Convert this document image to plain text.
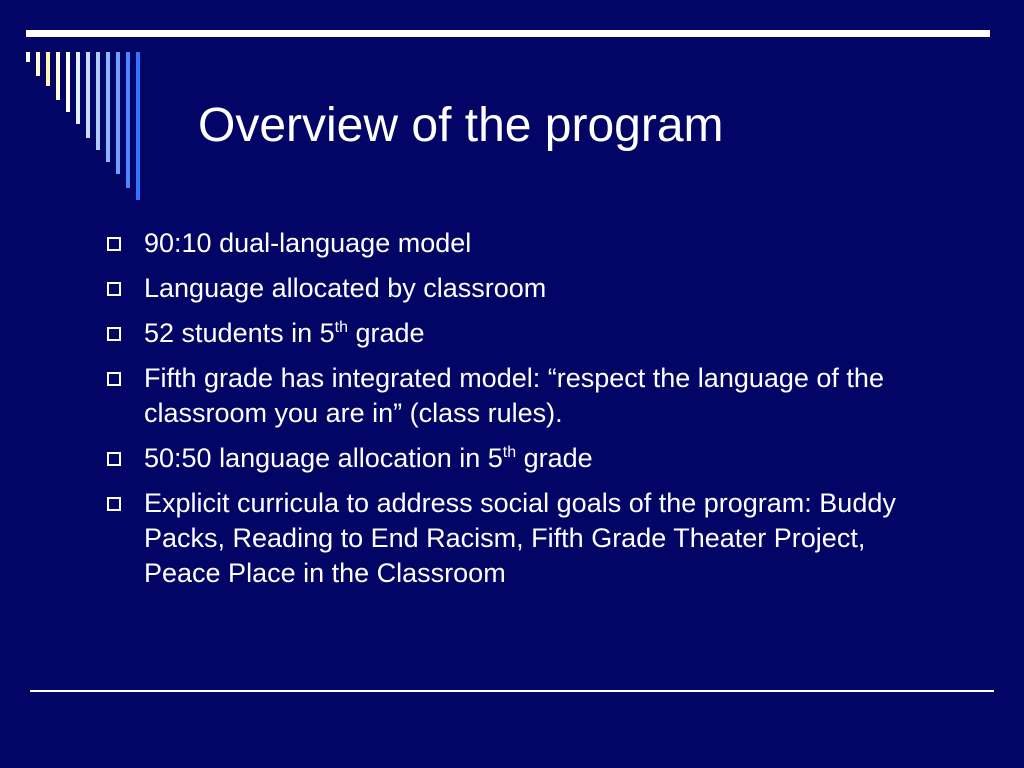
Overview of the program
90:10 dual-language model
Language allocated by classroom
52 students in 5th grade
Fifth grade has integrated model: “respect the language of the classroom you are in” (class rules).
50:50 language allocation in 5th grade
Explicit curricula to address social goals of the program: Buddy Packs, Reading to End Racism, Fifth Grade Theater Project, Peace Place in the Classroom
